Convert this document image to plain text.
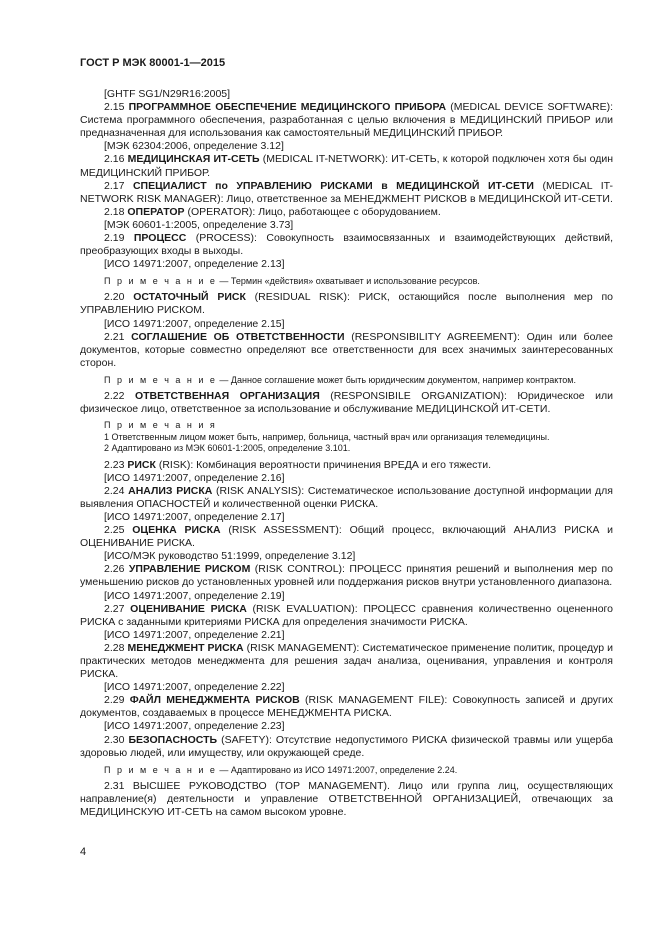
ГОСТ Р МЭК 80001-1—2015
[GHTF SG1/N29R16:2005]
2.15 ПРОГРАММНОЕ ОБЕСПЕЧЕНИЕ МЕДИЦИНСКОГО ПРИБОРА (MEDICAL DEVICE SOFTWARE): Система программного обеспечения, разработанная с целью включения в МЕДИЦИНСКИЙ ПРИБОР или предназначенная для использования как самостоятельный МЕДИЦИНСКИЙ ПРИБОР.
[МЭК 62304:2006, определение 3.12]
2.16 МЕДИЦИНСКАЯ ИТ-СЕТЬ (MEDICAL IT-NETWORK): ИТ-СЕТЬ, к которой подключен хотя бы один МЕДИЦИНСКИЙ ПРИБОР.
2.17 СПЕЦИАЛИСТ по УПРАВЛЕНИЮ РИСКАМИ в МЕДИЦИНСКОЙ ИТ-СЕТИ (MEDICAL IT-NETWORK RISK MANAGER): Лицо, ответственное за МЕНЕДЖМЕНТ РИСКОВ в МЕДИЦИНСКОЙ ИТ-СЕТИ.
2.18 ОПЕРАТОР (OPERATOR): Лицо, работающее с оборудованием.
[МЭК 60601-1:2005, определение 3.73]
2.19 ПРОЦЕСС (PROCESS): Совокупность взаимосвязанных и взаимодействующих действий, преобразующих входы в выходы.
[ИСО 14971:2007, определение 2.13]
П р и м е ч а н и е — Термин «действия» охватывает и использование ресурсов.
2.20 ОСТАТОЧНЫЙ РИСК (RESIDUAL RISK): РИСК, остающийся после выполнения мер по УПРАВЛЕНИЮ РИСКОМ.
[ИСО 14971:2007, определение 2.15]
2.21 СОГЛАШЕНИЕ ОБ ОТВЕТСТВЕННОСТИ (RESPONSIBILITY AGREEMENT): Один или более документов, которые совместно определяют все ответственности для всех значимых заинтересованных сторон.
П р и м е ч а н и е — Данное соглашение может быть юридическим документом, например контрактом.
2.22 ОТВЕТСТВЕННАЯ ОРГАНИЗАЦИЯ (RESPONSIBILE ORGANIZATION): Юридическое или физическое лицо, ответственное за использование и обслуживание МЕДИЦИНСКОЙ ИТ-СЕТИ.
П р и м е ч а н и я
1 Ответственным лицом может быть, например, больница, частный врач или организация телемедицины.
2 Адаптировано из МЭК 60601-1:2005, определение 3.101.
2.23 РИСК (RISK): Комбинация вероятности причинения ВРЕДА и его тяжести.
[ИСО 14971:2007, определение 2.16]
2.24 АНАЛИЗ РИСКА (RISK ANALYSIS): Систематическое использование доступной информации для выявления ОПАСНОСТЕЙ и количественной оценки РИСКА.
[ИСО 14971:2007, определение 2.17]
2.25 ОЦЕНКА РИСКА (RISK ASSESSMENT): Общий процесс, включающий АНАЛИЗ РИСКА и ОЦЕНИВАНИЕ РИСКА.
[ИСО/МЭК руководство 51:1999, определение 3.12]
2.26 УПРАВЛЕНИЕ РИСКОМ (RISK CONTROL): ПРОЦЕСС принятия решений и выполнения мер по уменьшению рисков до установленных уровней или поддержания рисков внутри установленного диапазона.
[ИСО 14971:2007, определение 2.19]
2.27 ОЦЕНИВАНИЕ РИСКА (RISK EVALUATION): ПРОЦЕСС сравнения количественно оцененного РИСКА с заданными критериями РИСКА для определения значимости РИСКА.
[ИСО 14971:2007, определение 2.21]
2.28 МЕНЕДЖМЕНТ РИСКА (RISK MANAGEMENT): Систематическое применение политик, процедур и практических методов менеджмента для решения задач анализа, оценивания, управления и контроля РИСКА.
[ИСО 14971:2007, определение 2.22]
2.29 ФАЙЛ МЕНЕДЖМЕНТА РИСКОВ (RISK MANAGEMENT FILE): Совокупность записей и других документов, создаваемых в процессе МЕНЕДЖМЕНТА РИСКА.
[ИСО 14971:2007, определение 2.23]
2.30 БЕЗОПАСНОСТЬ (SAFETY): Отсутствие недопустимого РИСКА физической травмы или ущерба здоровью людей, или имуществу, или окружающей среде.
П р и м е ч а н и е — Адаптировано из ИСО 14971:2007, определение 2.24.
2.31 ВЫСШЕЕ РУКОВОДСТВО (TOP MANAGEMENT). Лицо или группа лиц, осуществляющих направление(я) деятельности и управление ОТВЕТСТВЕННОЙ ОРГАНИЗАЦИЕЙ, отвечающих за МЕДИЦИНСКУЮ ИТ-СЕТЬ на самом высоком уровне.
4
